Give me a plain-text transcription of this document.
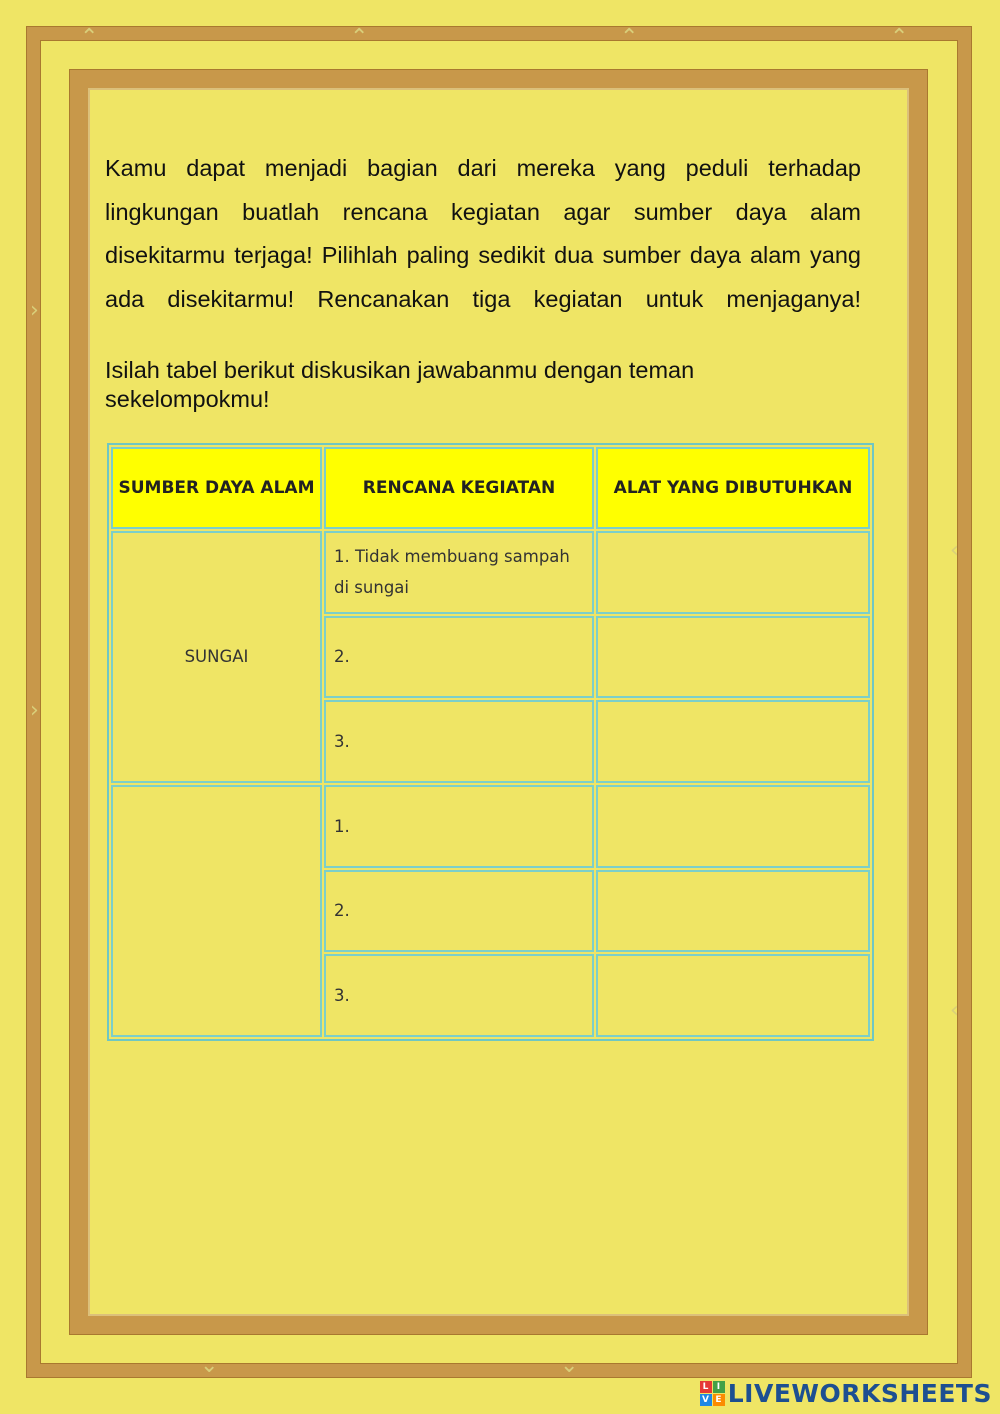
⌃	⌃	⌃	⌃
›
›
‹
‹
⌄	⌄

Kamu dapat menjadi bagian dari mereka yang peduli terhadap lingkungan buatlah rencana kegiatan agar sumber daya alam disekitarmu terjaga! Pilihlah paling sedikit dua sumber daya alam yang ada disekitarmu! Rencanakan tiga kegiatan untuk menjaganya!

Isilah tabel berikut diskusikan jawabanmu dengan teman sekelompokmu!

SUMBER DAYA ALAM	RENCANA KEGIATAN	ALAT YANG DIBUTUHKAN
SUNGAI	1. Tidak membuang sampah di sungai	
	2.	
	3.	
	1.	
	2.	
	3.	
L I
V E LIVEWORKSHEETS
